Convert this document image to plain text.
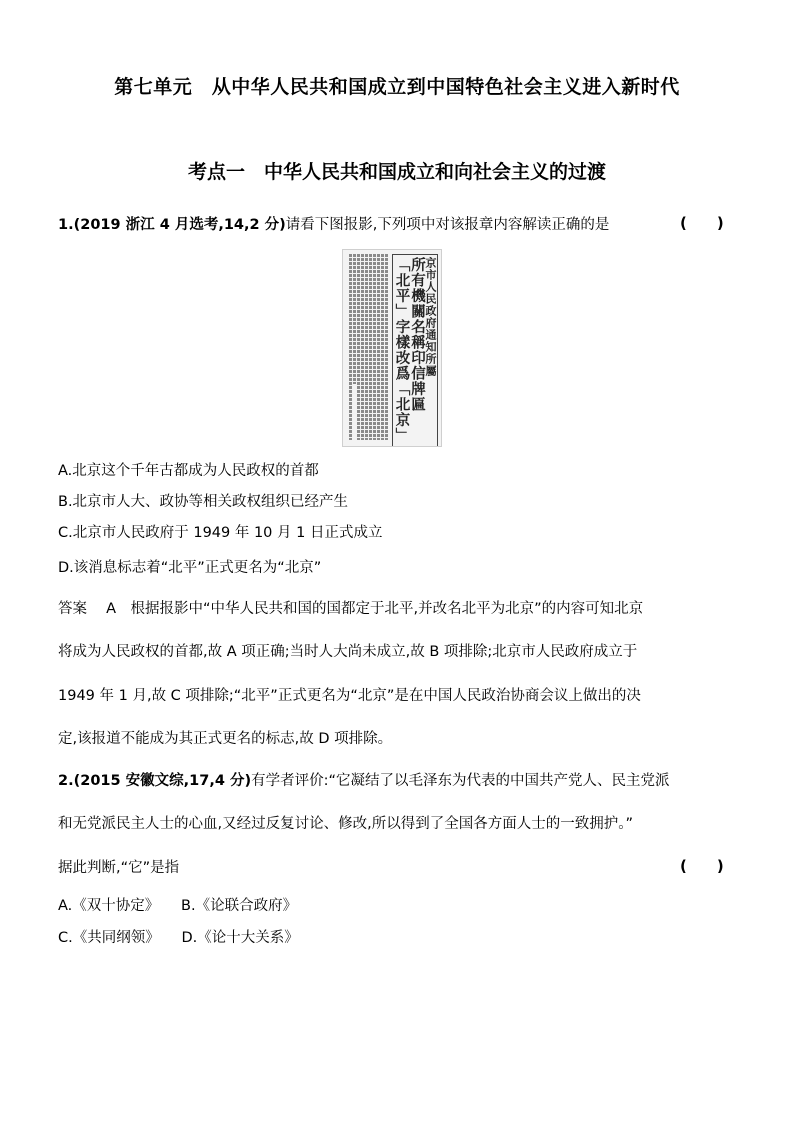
第七单元　从中华人民共和国成立到中国特色社会主义进入新时代
考点一　中华人民共和国成立和向社会主义的过渡
1.(2019 浙江 4 月选考,14,2 分)请看下图报影,下列项中对该报章内容解读正确的是	(　　)
京市人民政府通知所屬
所有機關名稱印信牌匾
「北平」字樣改爲「北京」
A.北京这个千年古都成为人民政权的首都
B.北京市人大、政协等相关政权组织已经产生
C.北京市人民政府于 1949 年 10 月 1 日正式成立
D.该消息标志着“北平”正式更名为“北京”
答案　 A　根据报影中“中华人民共和国的国都定于北平,并改名北平为北京”的内容可知北京
将成为人民政权的首都,故 A 项正确;当时人大尚未成立,故 B 项排除;北京市人民政府成立于
1949 年 1 月,故 C 项排除;“北平”正式更名为“北京”是在中国人民政治协商会议上做出的决
定,该报道不能成为其正式更名的标志,故 D 项排除。
2.(2015 安徽文综,17,4 分)有学者评价:“它凝结了以毛泽东为代表的中国共产党人、民主党派
和无党派民主人士的心血,又经过反复讨论、修改,所以得到了全国各方面人士的一致拥护。”
据此判断,“它”是指	(　　)
A.《双十协定》　　B.《论联合政府》
C.《共同纲领》　　D.《论十大关系》
